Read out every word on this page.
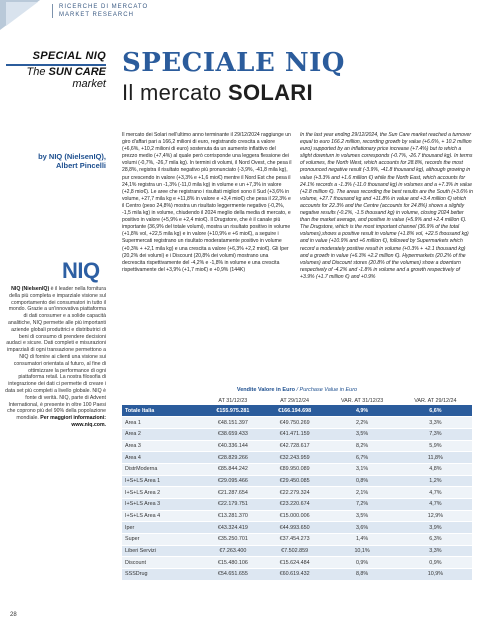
RICERCHE DI MERCATO
MARKET RESEARCH
SPECIAL NIQ
The SUN CARE
market
by NIQ (NielsenIQ),
Albert Pincelli
NIQ
NIQ (NielsenIQ) è il leader nella fornitura della più completa e imparziale visione sul comportamento dei consumatori in tutto il mondo. Grazie a un'innovativa piattaforma di dati consumer e a solide capacità analitiche, NIQ permette alle più importanti aziende globali produttrici e distributrici di beni di consumo di prendere decisioni audaci e sicure. Dati completi e misurazioni imparziali di ogni transazione permettono a NIQ di fornire ai clienti una visione sui consumatori orientata al futuro, al fine di ottimizzare la performance di ogni piattaforma retail. La nostra filosofia di integrazione dei dati ci permette di creare i data set più completi a livello globale. NIQ è fonte di verità. NIQ, parte di Advent International, è presente in oltre 100 Paesi che coprono più del 90% della popolazione mondiale. Per maggiori informazioni:
www.niq.com.
28
SPECIALE NIQ
Il mercato SOLARI
Il mercato dei Solari nell'ultimo anno terminante il 29/12/2024 raggiunge un giro d'affari pari a 166,2 milioni di euro, registrando crescita a valore (+6,6%, +10,2 milioni di euro) sostenuta da un aumento inflattivo del prezzo medio (+7,4%) al quale però corrisponde una leggera flessione dei volumi (-0,7%, -26,7 mila kg). In termini di volumi, il Nord Ovest, che pesa il 28,8%, registra il risultato negativo più pronunciato (-3,9%, -41,8 mila kg), pur crescendo in valore (+3,3% e +1,6 mio€) mentre il Nord Est che pesa il 24,1% registra un -1,3% (-11,0 mila kg) in volume e un +7,3% in valore (+2,8 mio€). Le aree che registrano i risultati migliori sono il Sud (+3,6% in volume, +27,7 mila kg e +11,8% in valore e +3,4 mio€) che pesa il 22,3% e il Centro (peso 24,8%) mostra un risultato leggermente negativo (-0,2%, -1,5 mila kg) in volume, chiudendo il 2024 meglio della media di mercato, e positivo in valore (+5,9% e +2,4 mio€). Il Drugstore, che è il canale più importante (36,9% del totale volumi), mostra un risultato positivo in volume (+1,8% vol, +22,5 mila kg) e in valore (+10,9% e +6 mio€), a seguire i Supermercati registrano un risultato moderatamente positivo in volume (+0,3% + +2,1 mila kg) e una crescita a valore (+6,3% +2,2 mio€). Gli Iper (20,2% dei volumi) e i Discount (20,8% dei volumi) mostrano una decrescita rispettivamente del -4,2% e -1,8% in volume e una crescita rispettivamente del +3,9% (+1,7 mio€) e +0,9% (144K)
In the last year ending 29/12/2024, the Sun Care market reached a turnover equal to euro 166.2 million, recording growth by value (+6.6%, + 10.2 million euro) supported by an inflationary price increase (+7.4%) but to which a slight downturn in volumes corresponds (-0.7%, -26.7 thousand kg). In terms of volumes, the North West, which accounts for 28.8%, records the most pronounced negative result (-3.9%, -41.8 thousand kg), although growing in value (+3.3% and +1.6 million €) while the North East, which accounts for 24.1% records a -1.3% (-11.0 thousand kg) in volumes and a +7.3% in value (+2.8 million €). The areas recording the best results are the South (+3.6% in volume, +27.7 thousand kg and +11.8% in value and +3.4 million €) which accounts for 22.3% and the Centre (accounts for 24.8%) shows a slightly negative results (-0.2%, -1.5 thousand kg) in volume, closing 2024 better than the market average, and positive in value (+5.9% and +2.4 million €). The Drugstore, which is the most important channel (36.9% of the total volumes),shows a positive result in volume (+1.8% vol, +22.5 thousand kg) and in value (+10.9% and +6 million €), followed by Supermarkets which record a moderately positive result in volume (+0.3% + +2.1 thousand kg) and a growth in value (+6.3% +2.2 million €). Hypermarkets (20.2% of the volumes) and Discount stores (20.8% of the volumes) show a downturn respectively of -4.2% and -1.8% in volume and a growth respectively of +3.9% (+1.7 million €) and +0.9%
Vendite Valore in Euro / Purchase Value in Euro
	AT 31/12/23	AT 29/12/24	VAR. AT 31/12/23	VAR. AT 29/12/24
Totale Italia	€155.975.281	€166.194.698	4,9%	6,6%
Area 1	€48.151.397	€49.750.269	2,2%	3,3%
Area 2	€38.659.433	€41.471.159	3,5%	7,3%
Area 3	€40.336.144	€42.728.617	8,2%	5,9%
Area 4	€28.829.266	€32.243.959	6,7%	11,8%
DistrModerna	€85.844.242	€89.950.089	3,1%	4,8%
I+S+LS Area 1	€29.095.466	€29.450.085	0,8%	1,2%
I+S+LS Area 2	€21.287.654	€22.279.324	2,1%	4,7%
I+S+LS Area 3	€22.179.751	€23.220.674	7,2%	4,7%
I+S+LS Area 4	€13.281.370	€15.000.006	3,5%	12,9%
Iper	€43.324.419	€44.993.650	3,6%	3,9%
Super	€35.250.701	€37.454.273	1,4%	6,3%
Liberi Servizi	€7.263.400	€7.502.859	10,1%	3,3%
Discount	€15.480.106	€15.624.484	0,9%	0,9%
SSSDrug	€54.651.655	€60.619.432	8,8%	10,9%
